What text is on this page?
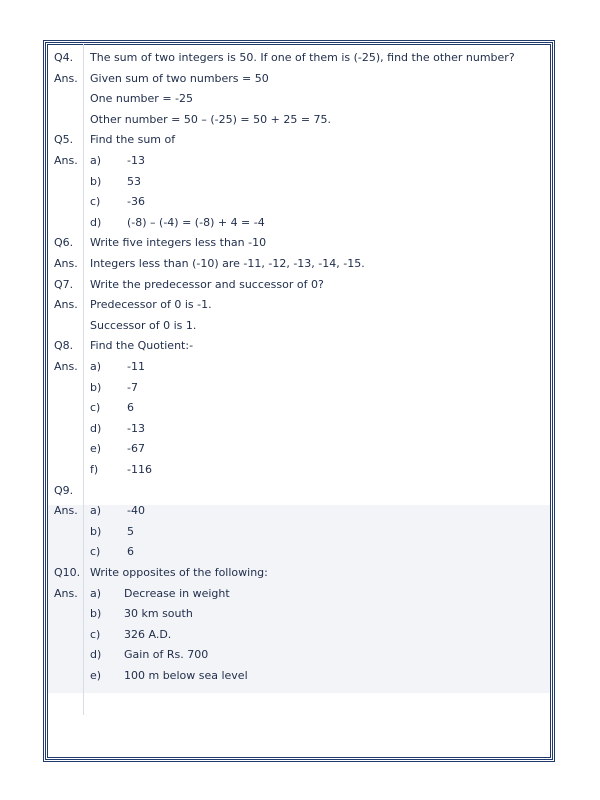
Q4. The sum of two integers is 50. If one of them is (-25), find the other number?
Ans. Given sum of two numbers = 50
One number = -25
Other number = 50 – (-25) = 50 + 25 = 75.
Q5. Find the sum of
Ans. a) -13
b) 53
c) -36
d) (-8) – (-4) = (-8) + 4 = -4
Q6. Write five integers less than -10
Ans. Integers less than (-10) are -11, -12, -13, -14, -15.
Q7. Write the predecessor and successor of 0?
Ans. Predecessor of 0 is -1.
Successor of 0 is 1.
Q8. Find the Quotient:-
Ans. a) -11
b) -7
c) 6
d) -13
e) -67
f)	-116
Q9.
Ans. a) -40
b) 5
c) 6
Q10. Write opposites of the following:
Ans. a) Decrease in weight
b) 30 km south
c) 326 A.D.
d) Gain of Rs. 700
e) 100 m below sea level
